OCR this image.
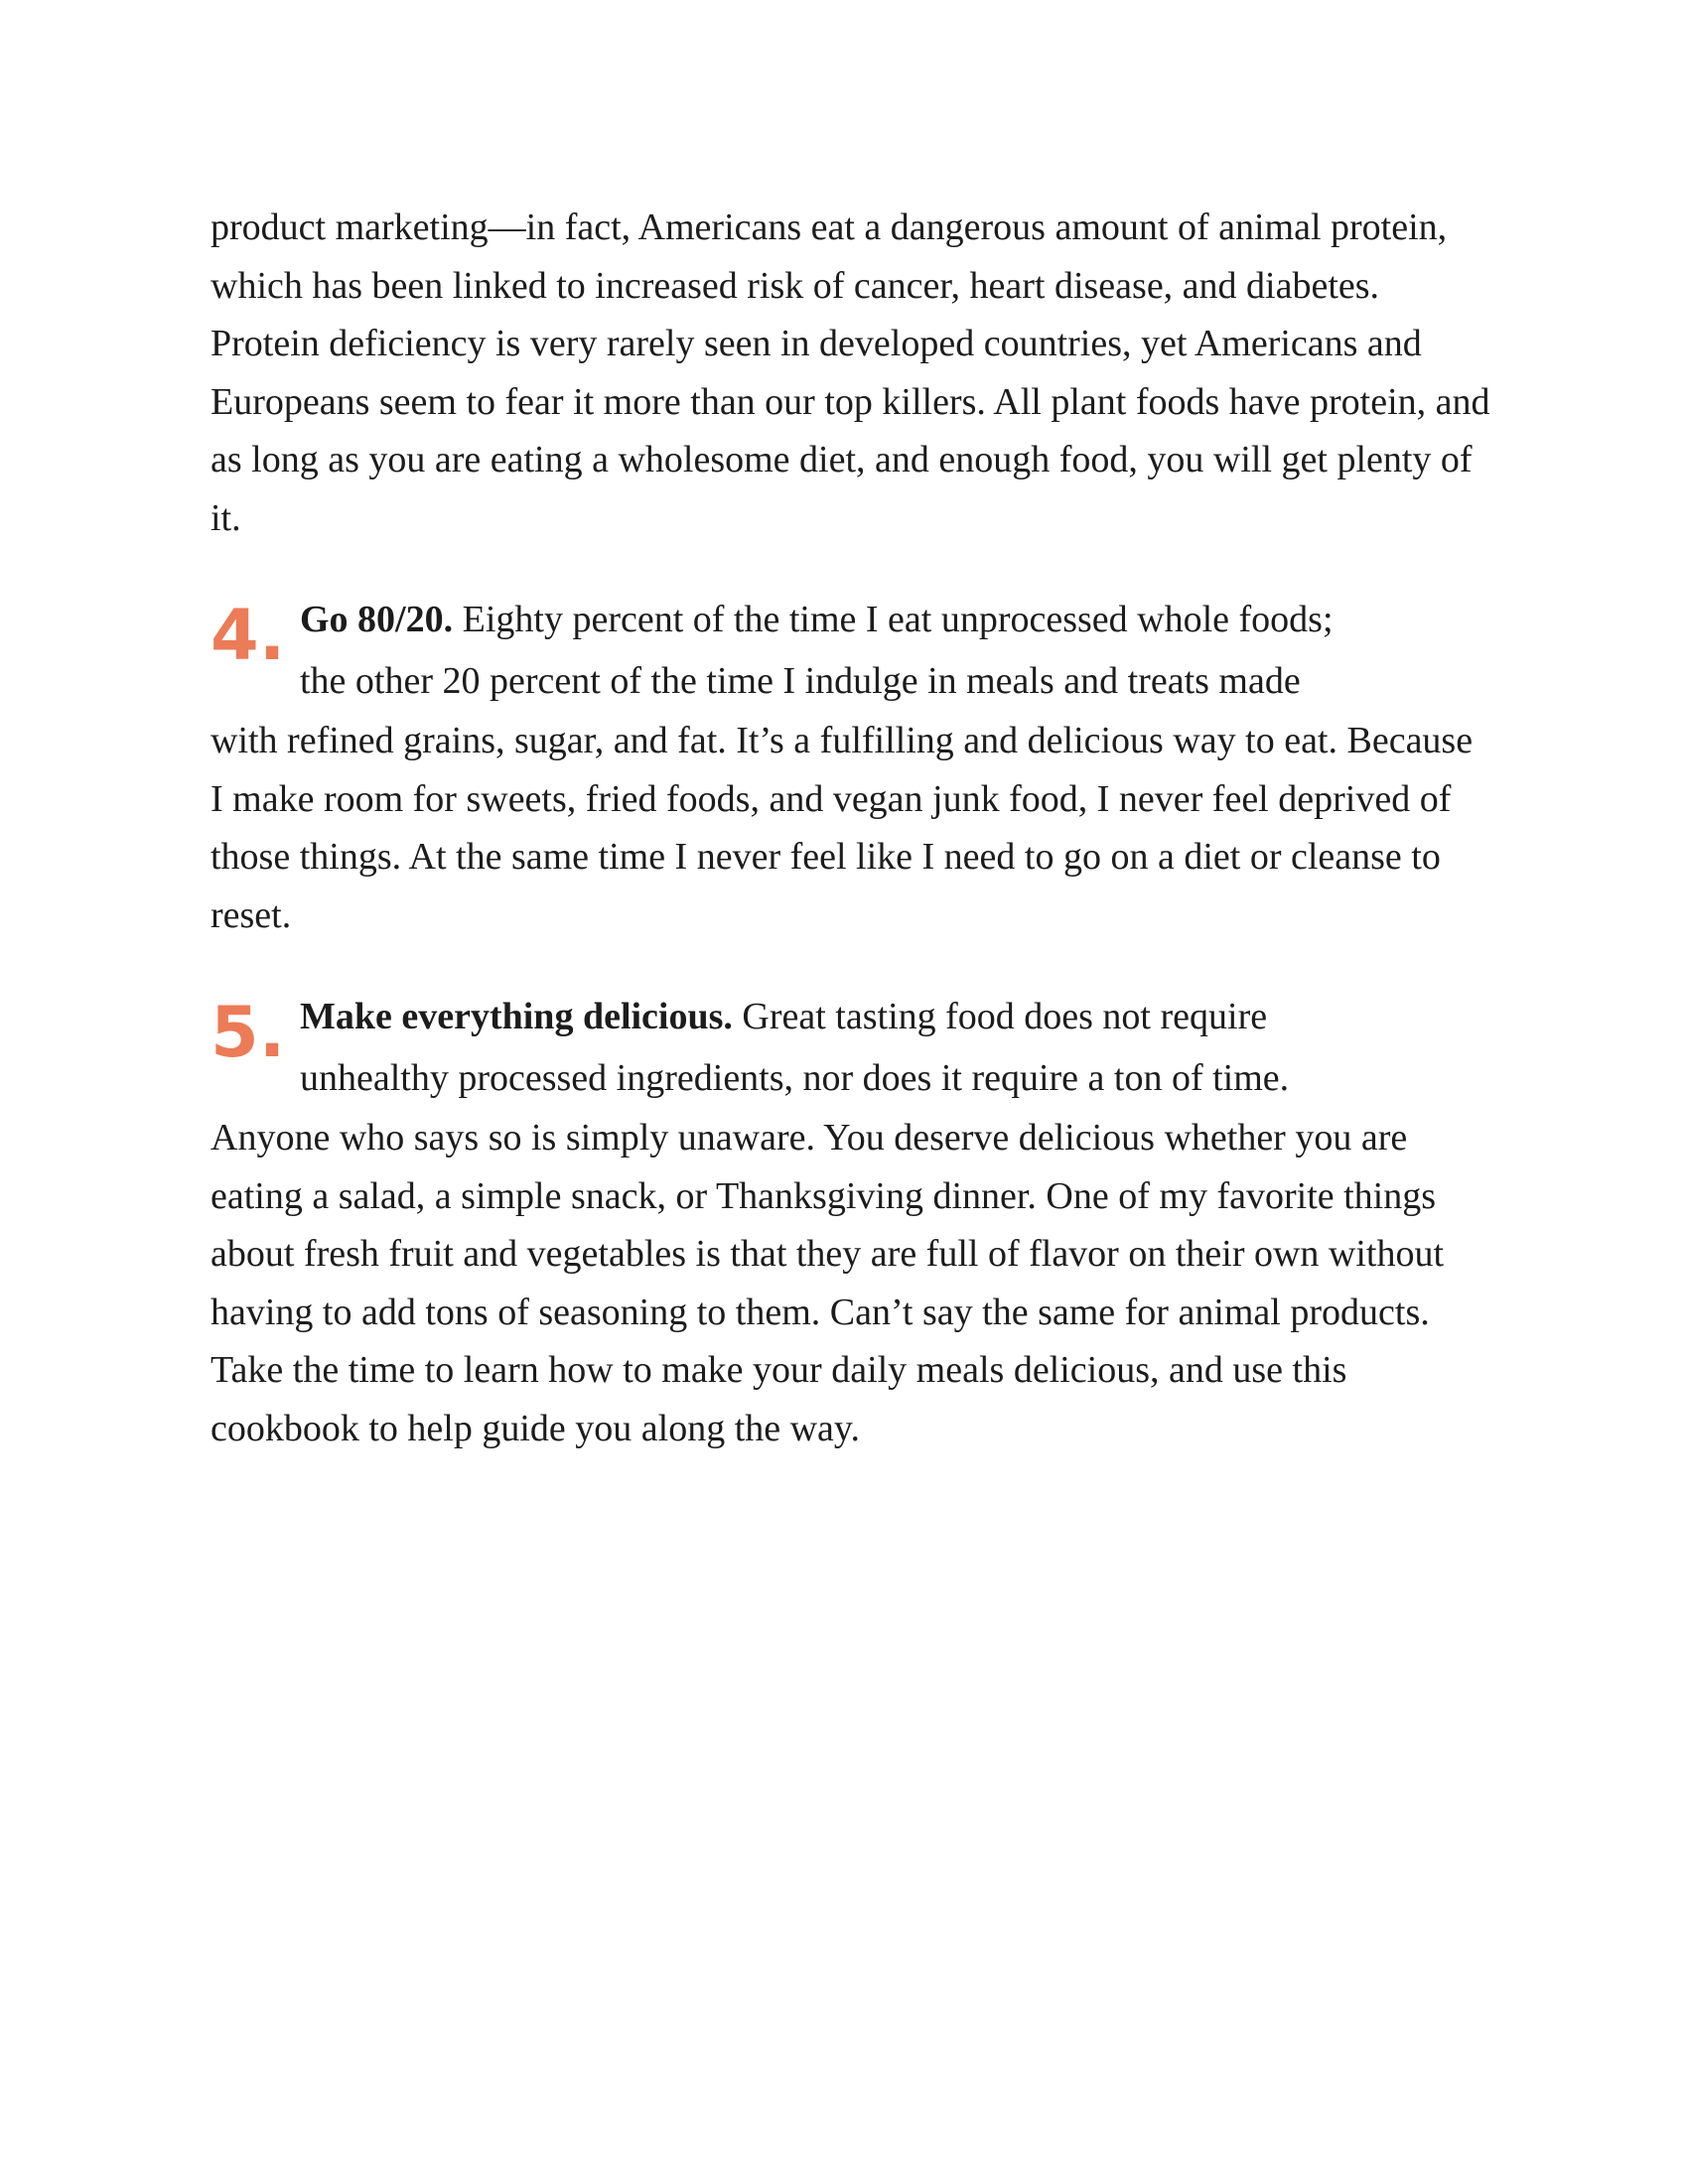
product marketing—in fact, Americans eat a dangerous amount of animal protein, which has been linked to increased risk of cancer, heart disease, and diabetes. Protein deficiency is very rarely seen in developed countries, yet Americans and Europeans seem to fear it more than our top killers. All plant foods have protein, and as long as you are eating a wholesome diet, and enough food, you will get plenty of it.

4. Go 80/20. Eighty percent of the time I eat unprocessed whole foods;
the other 20 percent of the time I indulge in meals and treats made

with refined grains, sugar, and fat. It’s a fulfilling and delicious way to eat. Because I make room for sweets, fried foods, and vegan junk food, I never feel deprived of those things. At the same time I never feel like I need to go on a diet or cleanse to reset.

5. Make everything delicious. Great tasting food does not require
unhealthy processed ingredients, nor does it require a ton of time.

Anyone who says so is simply unaware. You deserve delicious whether you are eating a salad, a simple snack, or Thanksgiving dinner. One of my favorite things about fresh fruit and vegetables is that they are full of flavor on their own without having to add tons of seasoning to them. Can’t say the same for animal products. Take the time to learn how to make your daily meals delicious, and use this cookbook to help guide you along the way.
